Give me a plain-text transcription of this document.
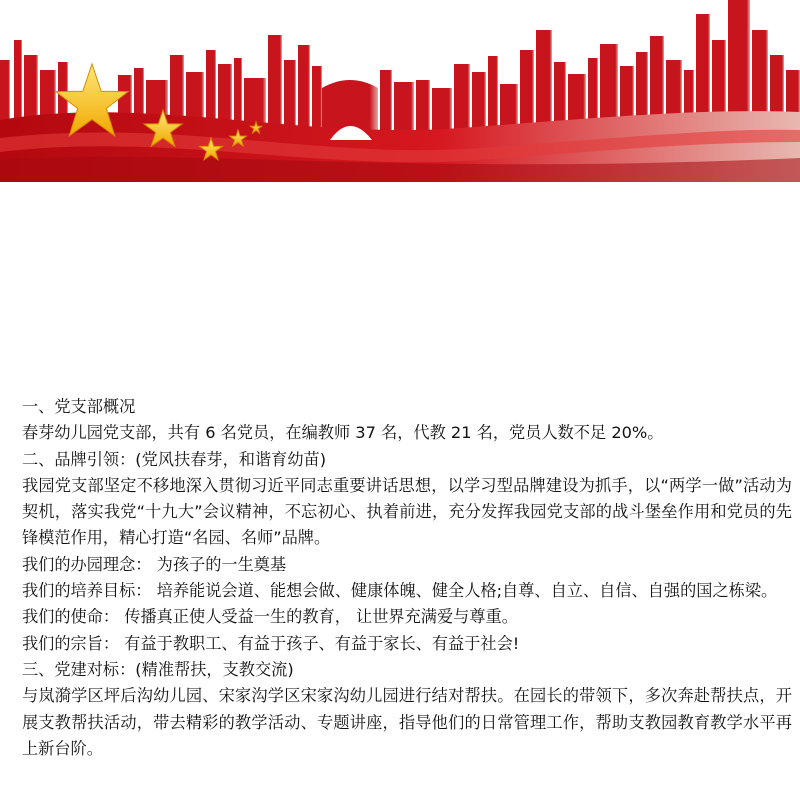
一、党支部概况

春芽幼儿园党支部，共有 6 名党员，在编教师 37 名，代教 21 名，党员人数不足 20%。

二、品牌引领：(党风扶春芽，和谐育幼苗)

我园党支部坚定不移地深入贯彻习近平同志重要讲话思想，以学习型品牌建设为抓手，以“两学一做”活动为契机，落实我党“十九大”会议精神，不忘初心、执着前进，充分发挥我园党支部的战斗堡垒作用和党员的先锋模范作用，精心打造“名园、名师”品牌。

我们的办园理念： 为孩子的一生奠基

我们的培养目标： 培养能说会道、能想会做、健康体魄、健全人格;自尊、自立、自信、自强的国之栋梁。

我们的使命： 传播真正使人受益一生的教育， 让世界充满爱与尊重。

我们的宗旨： 有益于教职工、有益于孩子、有益于家长、有益于社会!

三、党建对标：(精准帮扶，支教交流)

与岚漪学区坪后沟幼儿园、宋家沟学区宋家沟幼儿园进行结对帮扶。在园长的带领下，多次奔赴帮扶点，开展支教帮扶活动，带去精彩的教学活动、专题讲座，指导他们的日常管理工作，帮助支教园教育教学水平再上新台阶。
